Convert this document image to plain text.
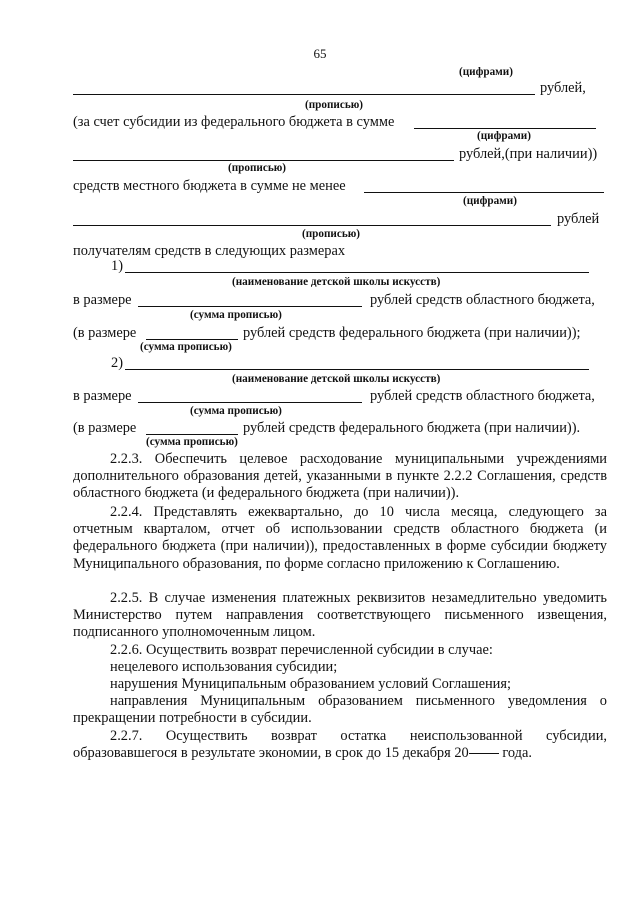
65
(цифрами)
рублей,
(прописью)
(за счет субсидии из федерального бюджета в сумме
(цифрами)
рублей,(при наличии))
(прописью)
средств местного бюджета в сумме не менее
(цифрами)
рублей
(прописью)
получателям средств в следующих размерах
1)
(наименование детской школы искусств)
в размере	рублей средств областного бюджета,
(сумма прописью)
(в размере	рублей средств федерального бюджета (при наличии));
(сумма прописью)
2)
(наименование детской школы искусств)
в размере	рублей средств областного бюджета,
(сумма прописью)
(в размере	рублей средств федерального бюджета (при наличии)).
(сумма прописью)
2.2.3. Обеспечить целевое расходование муниципальными учреждениями дополнительного образования детей, указанными в пункте 2.2.2 Соглашения, средств областного бюджета (и федерального бюджета (при наличии)).
2.2.4. Представлять ежеквартально, до 10 числа месяца, следующего за отчетным кварталом, отчет об использовании средств областного бюджета (и федерального бюджета (при наличии)), предоставленных в форме субсидии бюджету Муниципального образования, по форме согласно приложению к Соглашению.
2.2.5. В случае изменения платежных реквизитов незамедлительно уведомить Министерство путем направления соответствующего письменного извещения, подписанного уполномоченным лицом.
2.2.6. Осуществить возврат перечисленной субсидии в случае:
нецелевого использования субсидии;
нарушения Муниципальным образованием условий Соглашения;
направления Муниципальным образованием письменного уведомления о прекращении потребности в субсидии.
2.2.7. Осуществить возврат остатка неиспользованной субсидии,
образовавшегося в результате экономии, в срок до 15 декабря 20 года.
